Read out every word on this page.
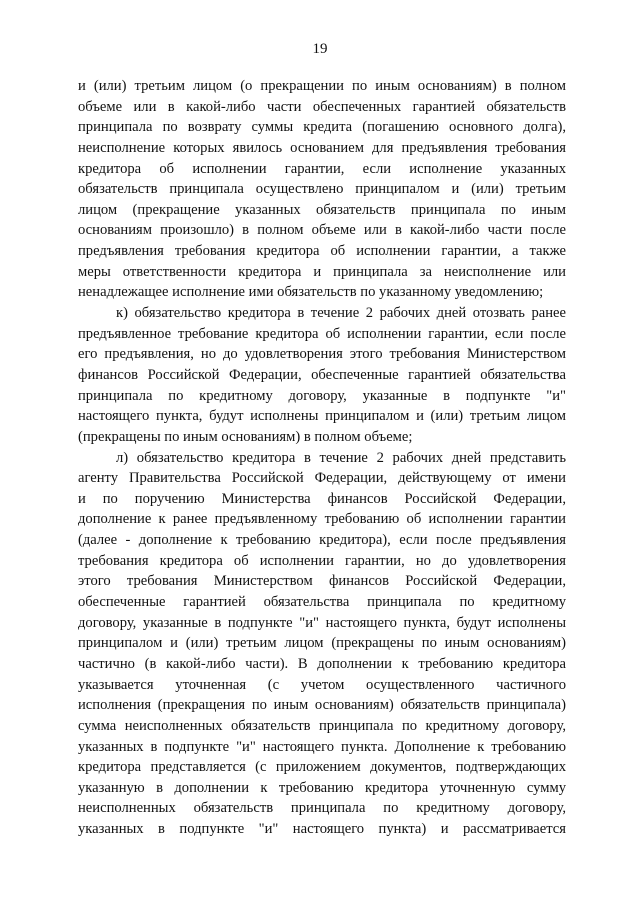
19

и (или) третьим лицом (о прекращении по иным основаниям) в полном
объеме или в какой-либо части обеспеченных гарантией обязательств
принципала по возврату суммы кредита (погашению основного долга),
неисполнение которых явилось основанием для предъявления требования
кредитора об исполнении гарантии, если исполнение указанных
обязательств принципала осуществлено принципалом и (или) третьим
лицом (прекращение указанных обязательств принципала по иным
основаниям произошло) в полном объеме или в какой-либо части после
предъявления требования кредитора об исполнении гарантии, а также
меры ответственности кредитора и принципала за неисполнение или
ненадлежащее исполнение ими обязательств по указанному уведомлению;

к) обязательство кредитора в течение 2 рабочих дней отозвать ранее
предъявленное требование кредитора об исполнении гарантии, если после
его предъявления, но до удовлетворения этого требования Министерством
финансов Российской Федерации, обеспеченные гарантией обязательства
принципала по кредитному договору, указанные в подпункте "и"
настоящего пункта, будут исполнены принципалом и (или) третьим лицом
(прекращены по иным основаниям) в полном объеме;

л) обязательство кредитора в течение 2 рабочих дней представить
агенту Правительства Российской Федерации, действующему от имени
и по поручению Министерства финансов Российской Федерации,
дополнение к ранее предъявленному требованию об исполнении гарантии
(далее - дополнение к требованию кредитора), если после предъявления
требования кредитора об исполнении гарантии, но до удовлетворения
этого требования Министерством финансов Российской Федерации,
обеспеченные гарантией обязательства принципала по кредитному
договору, указанные в подпункте "и" настоящего пункта, будут исполнены
принципалом и (или) третьим лицом (прекращены по иным основаниям)
частично (в какой-либо части). В дополнении к требованию кредитора
указывается уточненная (с учетом осуществленного частичного
исполнения (прекращения по иным основаниям) обязательств принципала)
сумма неисполненных обязательств принципала по кредитному договору,
указанных в подпункте "и" настоящего пункта. Дополнение к требованию
кредитора представляется (с приложением документов, подтверждающих
указанную в дополнении к требованию кредитора уточненную сумму
неисполненных обязательств принципала по кредитному договору,
указанных в подпункте "и" настоящего пункта) и рассматривается
